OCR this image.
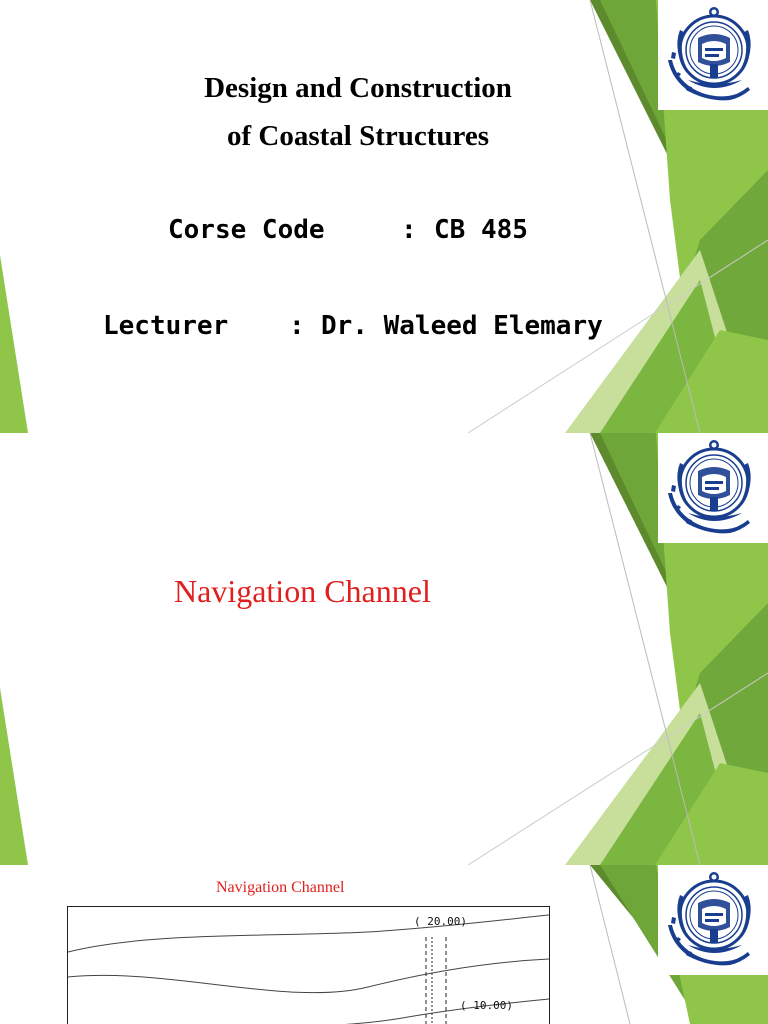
Design and Construction
of Coastal Structures
Corse Code	: CB 485
Lecturer : Dr. Waleed Elemary
Navigation Channel
Navigation Channel
( 20.00)
( 10.00)
